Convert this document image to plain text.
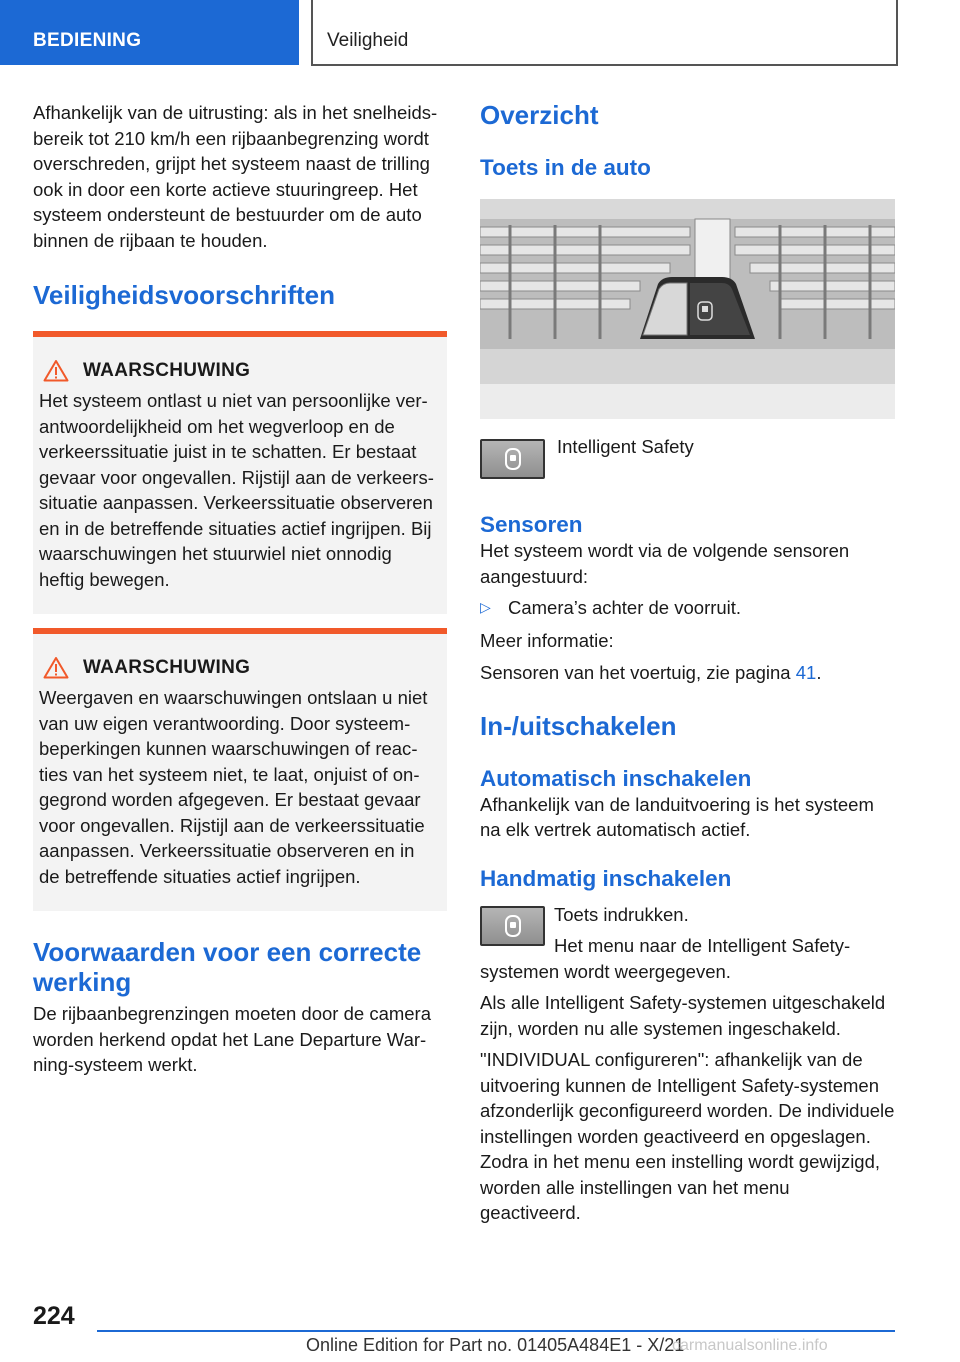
BEDIENING	Veiligheid

Afhankelijk van de uitrusting: als in het snelheidsbereik tot 210 km/h een rijbaanbegrenzing wordt overschreden, grijpt het systeem naast de trilling ook in door een korte actieve stuuringreep. Het systeem ondersteunt de bestuurder om de auto binnen de rijbaan te houden.

Veiligheidsvoorschriften
WAARSCHUWING

Het systeem ontlast u niet van persoonlijke verantwoordelijkheid om het wegverloop en de verkeerssituatie juist in te schatten. Er bestaat gevaar voor ongevallen. Rijstijl aan de verkeerssituatie aanpassen. Verkeerssituatie observeren en in de betreffende situaties actief ingrijpen. Bij waarschuwingen het stuurwiel niet onnodig heftig bewegen.

WAARSCHUWING

Weergaven en waarschuwingen ontslaan u niet van uw eigen verantwoording. Door systeembeperkingen kunnen waarschuwingen of reacties van het systeem niet, te laat, onjuist of ongegrond worden afgegeven. Er bestaat gevaar voor ongevallen. Rijstijl aan de verkeerssituatie aanpassen. Verkeerssituatie observeren en in de betreffende situaties actief ingrijpen.

Voorwaarden voor een correcte werking

De rijbaanbegrenzingen moeten door de camera worden herkend opdat het Lane Departure Warning-systeem werkt.

Overzicht
Toets in de auto

Intelligent Safety

Sensoren

Het systeem wordt via de volgende sensoren aangestuurd:

▷ Camera’s achter de voorruit.

Meer informatie:

Sensoren van het voertuig, zie pagina 41.

In-/uitschakelen
Automatisch inschakelen

Afhankelijk van de landuitvoering is het systeem na elk vertrek automatisch actief.

Handmatig inschakelen

Toets indrukken.

Het menu naar de Intelligent Safety-systemen wordt weergegeven.

Als alle Intelligent Safety-systemen uitgeschakeld zijn, worden nu alle systemen ingeschakeld.

"INDIVIDUAL configureren": afhankelijk van de uitvoering kunnen de Intelligent Safety-systemen afzonderlijk geconfigureerd worden. De individuele instellingen worden geactiveerd en opgeslagen. Zodra in het menu een instelling wordt gewijzigd, worden alle instellingen van het menu geactiveerd.

224
Online Edition for Part no. 01405A484E1 - X/21
carmanualsonline.info
